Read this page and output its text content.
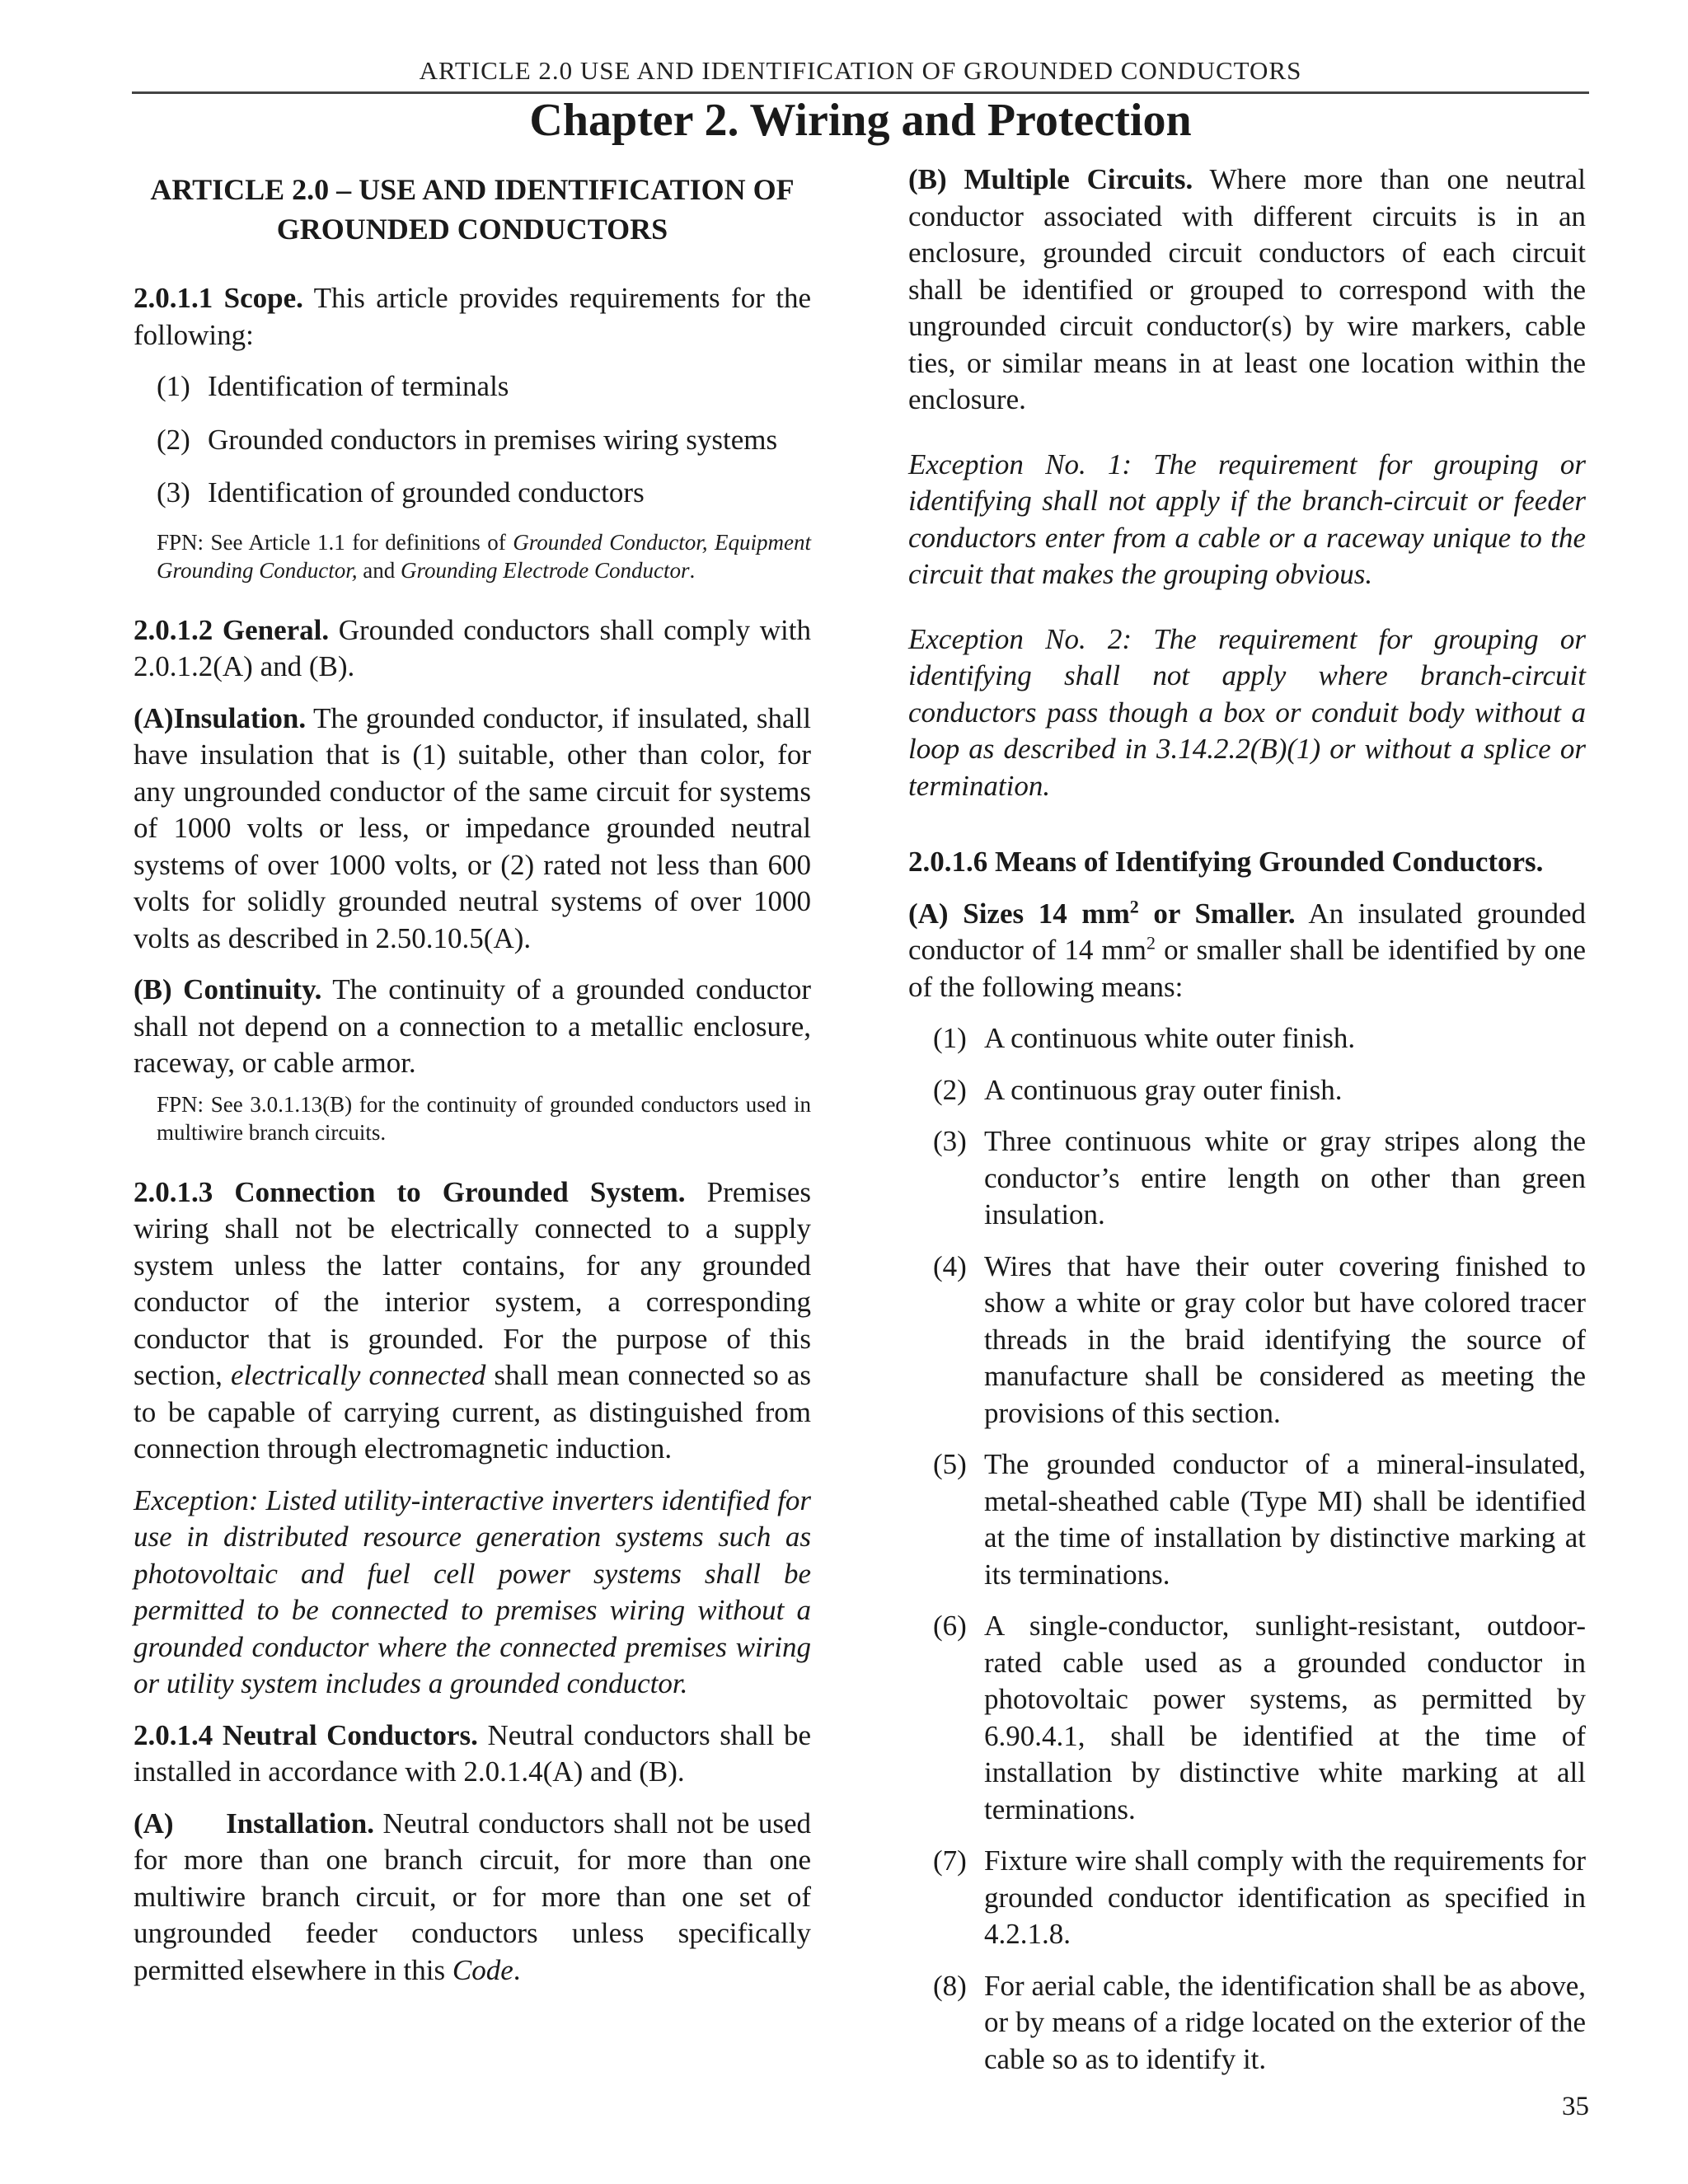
ARTICLE 2.0 USE AND IDENTIFICATION OF GROUNDED CONDUCTORS
Chapter 2. Wiring and Protection
ARTICLE 2.0 – USE AND IDENTIFICATION OF
GROUNDED CONDUCTORS

2.0.1.1 Scope. This article provides requirements for the following:

(1) Identification of terminals
(2) Grounded conductors in premises wiring systems
(3) Identification of grounded conductors

FPN: See Article 1.1 for definitions of Grounded Conductor, Equipment Grounding Conductor, and Grounding Electrode Conductor.

2.0.1.2 General. Grounded conductors shall comply with 2.0.1.2(A) and (B).

(A)Insulation. The grounded conductor, if insulated, shall have insulation that is (1) suitable, other than color, for any ungrounded conductor of the same circuit for systems of 1000 volts or less, or impedance grounded neutral systems of over 1000 volts, or (2) rated not less than 600 volts for solidly grounded neutral systems of over 1000 volts as described in 2.50.10.5(A).

(B) Continuity. The continuity of a grounded conductor shall not depend on a connection to a metallic enclosure, raceway, or cable armor.

FPN: See 3.0.1.13(B) for the continuity of grounded conductors used in multiwire branch circuits.

2.0.1.3 Connection to Grounded System. Premises wiring shall not be electrically connected to a supply system unless the latter contains, for any grounded conductor of the interior system, a corresponding conductor that is grounded. For the purpose of this section, electrically connected shall mean connected so as to be capable of carrying current, as distinguished from connection through electromagnetic induction.

Exception: Listed utility-interactive inverters identified for use in distributed resource generation systems such as photovoltaic and fuel cell power systems shall be permitted to be connected to premises wiring without a grounded conductor where the connected premises wiring or utility system includes a grounded conductor.

2.0.1.4 Neutral Conductors. Neutral conductors shall be installed in accordance with 2.0.1.4(A) and (B).

(A)      Installation. Neutral conductors shall not be used for more than one branch circuit, for more than one multiwire branch circuit, or for more than one set of ungrounded feeder conductors unless specifically permitted elsewhere in this Code.

(B) Multiple Circuits. Where more than one neutral conductor associated with different circuits is in an enclosure, grounded circuit conductors of each circuit shall be identified or grouped to correspond with the ungrounded circuit conductor(s) by wire markers, cable ties, or similar means in at least one location within the enclosure.

Exception No. 1: The requirement for grouping or identifying shall not apply if the branch-circuit or feeder conductors enter from a cable or a raceway unique to the circuit that makes the grouping obvious.

Exception No. 2: The requirement for grouping or identifying shall not apply where branch-circuit conductors pass though a box or conduit body without a loop as described in 3.14.2.2(B)(1) or without a splice or termination.

2.0.1.6 Means of Identifying Grounded Conductors.

(A) Sizes 14 $mm^2$ or Smaller. An insulated grounded conductor of 14 $mm^2$ or smaller shall be identified by one of the following means:

(1) A continuous white outer finish.
(2) A continuous gray outer finish.
(3) Three continuous white or gray stripes along the conductor’s entire length on other than green insulation.
(4) Wires that have their outer covering finished to show a white or gray color but have colored tracer threads in the braid identifying the source of manufacture shall be considered as meeting the provisions of this section.
(5) The grounded conductor of a mineral-insulated, metal-sheathed cable (Type MI) shall be identified at the time of installation by distinctive marking at its terminations.
(6) A single-conductor, sunlight-resistant, outdoor-rated cable used as a grounded conductor in photovoltaic power systems, as permitted by 6.90.4.1, shall be identified at the time of installation by distinctive white marking at all terminations.
(7) Fixture wire shall comply with the requirements for grounded conductor identification as specified in 4.2.1.8.
(8) For aerial cable, the identification shall be as above, or by means of a ridge located on the exterior of the cable so as to identify it.
35
